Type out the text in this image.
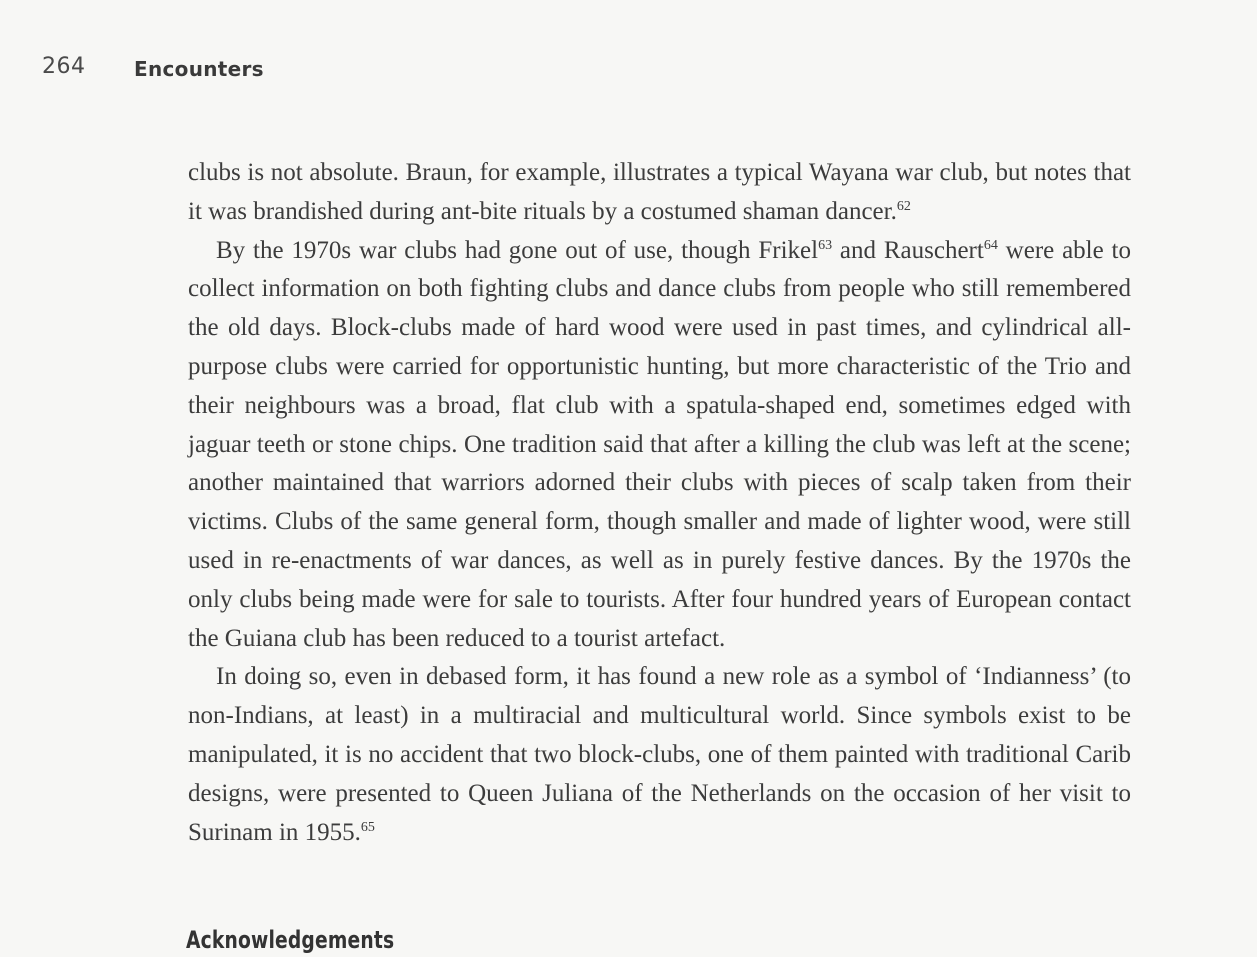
264 Encounters

clubs is not absolute. Braun, for example, illustrates a typical Wayana war club, but notes that it was brandished during ant-bite rituals by a costumed shaman dancer.$^{62}$

By the 1970s war clubs had gone out of use, though Frikel$^{63}$ and Rauschert$^{64}$ were able to collect information on both fighting clubs and dance clubs from people who still remembered the old days. Block-clubs made of hard wood were used in past times, and cylindrical all-purpose clubs were carried for opportunistic hunting, but more characteristic of the Trio and their neighbours was a broad, flat club with a spatula-shaped end, sometimes edged with jaguar teeth or stone chips. One tradition said that after a killing the club was left at the scene; another maintained that warriors adorned their clubs with pieces of scalp taken from their victims. Clubs of the same general form, though smaller and made of lighter wood, were still used in re-enactments of war dances, as well as in purely festive dances. By the 1970s the only clubs being made were for sale to tourists. After four hundred years of European contact the Guiana club has been reduced to a tourist artefact.

In doing so, even in debased form, it has found a new role as a symbol of ‘Indianness’ (to non-Indians, at least) in a multiracial and multicultural world. Since symbols exist to be manipulated, it is no accident that two block-clubs, one of them painted with traditional Carib designs, were presented to Queen Juliana of the Netherlands on the occasion of her visit to Surinam in 1955.65

Acknowledgements
